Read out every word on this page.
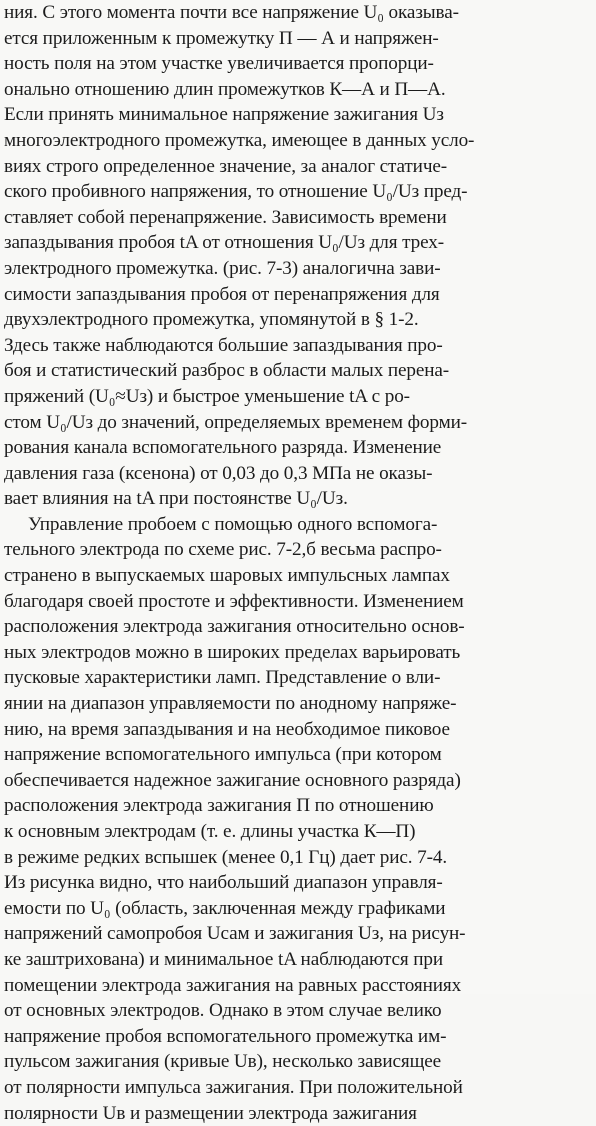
ния. С этого момента почти все напряжение U₀ оказыва-
ется приложенным к промежутку П — А и напряжен-
ность поля на этом участке увеличивается пропорци-
онально отношению длин промежутков К—А и П—А.
Если принять минимальное напряжение зажигания Uз
многоэлектродного промежутка, имеющее в данных усло-
виях строго определенное значение, за аналог статиче-
ского пробивного напряжения, то отношение U₀/Uз пред-
ставляет собой перенапряжение. Зависимость времени
запаздывания пробоя tA от отношения U₀/Uз для трех-
электродного промежутка. (рис. 7-3) аналогична зави-
симости запаздывания пробоя от перенапряжения для
двухэлектродного промежутка, упомянутой в § 1-2.
Здесь также наблюдаются большие запаздывания про-
боя и статистический разброс в области малых перена-
пряжений (U₀≈Uз) и быстрое уменьшение tA с ро-
стом U₀/Uз до значений, определяемых временем форми-
рования канала вспомогательного разряда. Изменение
давления газа (ксенона) от 0,03 до 0,3 МПа не оказы-
вает влияния на tA при постоянстве U₀/Uз.
Управление пробоем с помощью одного вспомога-
тельного электрода по схеме рис. 7-2,б весьма распро-
странено в выпускаемых шаровых импульсных лампах
благодаря своей простоте и эффективности. Изменением
расположения электрода зажигания относительно основ-
ных электродов можно в широких пределах варьировать
пусковые характеристики ламп. Представление о вли-
янии на диапазон управляемости по анодному напряже-
нию, на время запаздывания и на необходимое пиковое
напряжение вспомогательного импульса (при котором
обеспечивается надежное зажигание основного разряда)
расположения электрода зажигания П по отношению
к основным электродам (т. е. длины участка К—П)
в режиме редких вспышек (менее 0,1 Гц) дает рис. 7-4.
Из рисунка видно, что наибольший диапазон управля-
емости по U₀ (область, заключенная между графиками
напряжений самопробоя Uсам и зажигания Uз, на рисун-
ке заштрихована) и минимальное tA наблюдаются при
помещении электрода зажигания на равных расстояниях
от основных электродов. Однако в этом случае велико
напряжение пробоя вспомогательного промежутка им-
пульсом зажигания (кривые Uв), несколько зависящее
от полярности импульса зажигания. При положительной
полярности Uв и размещении электрода зажигания
